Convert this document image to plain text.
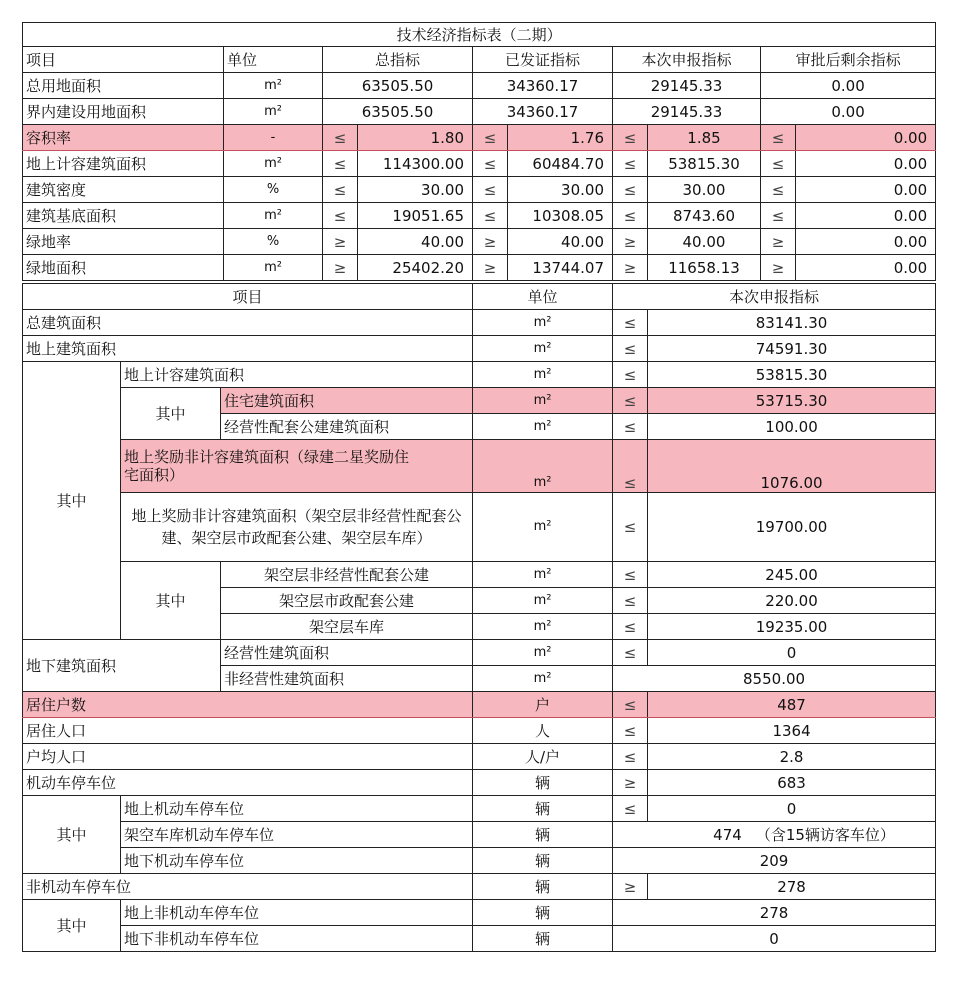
技术经济指标表（二期）									
项目	单位	总指标		已发证指标		本次申报指标		审批后剩余指标	
总用地面积	m²	63505.50		34360.17		29145.33		0.00	
界内建设用地面积	m²	63505.50		34360.17		29145.33		0.00	
容积率	-	≤	1.80	≤	1.76	≤	1.85	≤	0.00
地上计容建筑面积	m²	≤	114300.00	≤	60484.70	≤	53815.30	≤	0.00
建筑密度	%	≤	30.00	≤	30.00	≤	30.00	≤	0.00
建筑基底面积	m²	≤	19051.65	≤	10308.05	≤	8743.60	≤	0.00
绿地率	%	≥	40.00	≥	40.00	≥	40.00	≥	0.00
绿地面积	m²	≥	25402.20	≥	13744.07	≥	11658.13	≥	0.00
项目			单位	本次申报指标	
总建筑面积			m²	≤	83141.30
地上建筑面积			m²	≤	74591.30
其中	地上计容建筑面积		m²	≤	53815.30
	其中	住宅建筑面积	m²	≤	53715.30
		经营性配套公建建筑面积	m²	≤	100.00
	地上奖励非计容建筑面积（绿建二星奖励住宅面积）		m²	≤	1076.00
	地上奖励非计容建筑面积（架空层非经营性配套公建、架空层市政配套公建、架空层车库）		m²	≤	19700.00
	其中	架空层非经营性配套公建	m²	≤	245.00
		架空层市政配套公建	m²	≤	220.00
		架空层车库	m²	≤	19235.00
地下建筑面积		经营性建筑面积	m²	≤	0
		非经营性建筑面积	m²	8550.00	
居住户数			户	≤	487
居住人口			人	≤	1364
户均人口			人/户	≤	2.8
机动车停车位			辆	≥	683
其中	地上机动车停车位		辆	≤	0
	架空车库机动车停车位		辆	474 （含15辆访客车位）	
	地下机动车停车位		辆	209	
非机动车停车位			辆	≥	278
其中	地上非机动车停车位		辆	278	
	地下非机动车停车位		辆	0	
